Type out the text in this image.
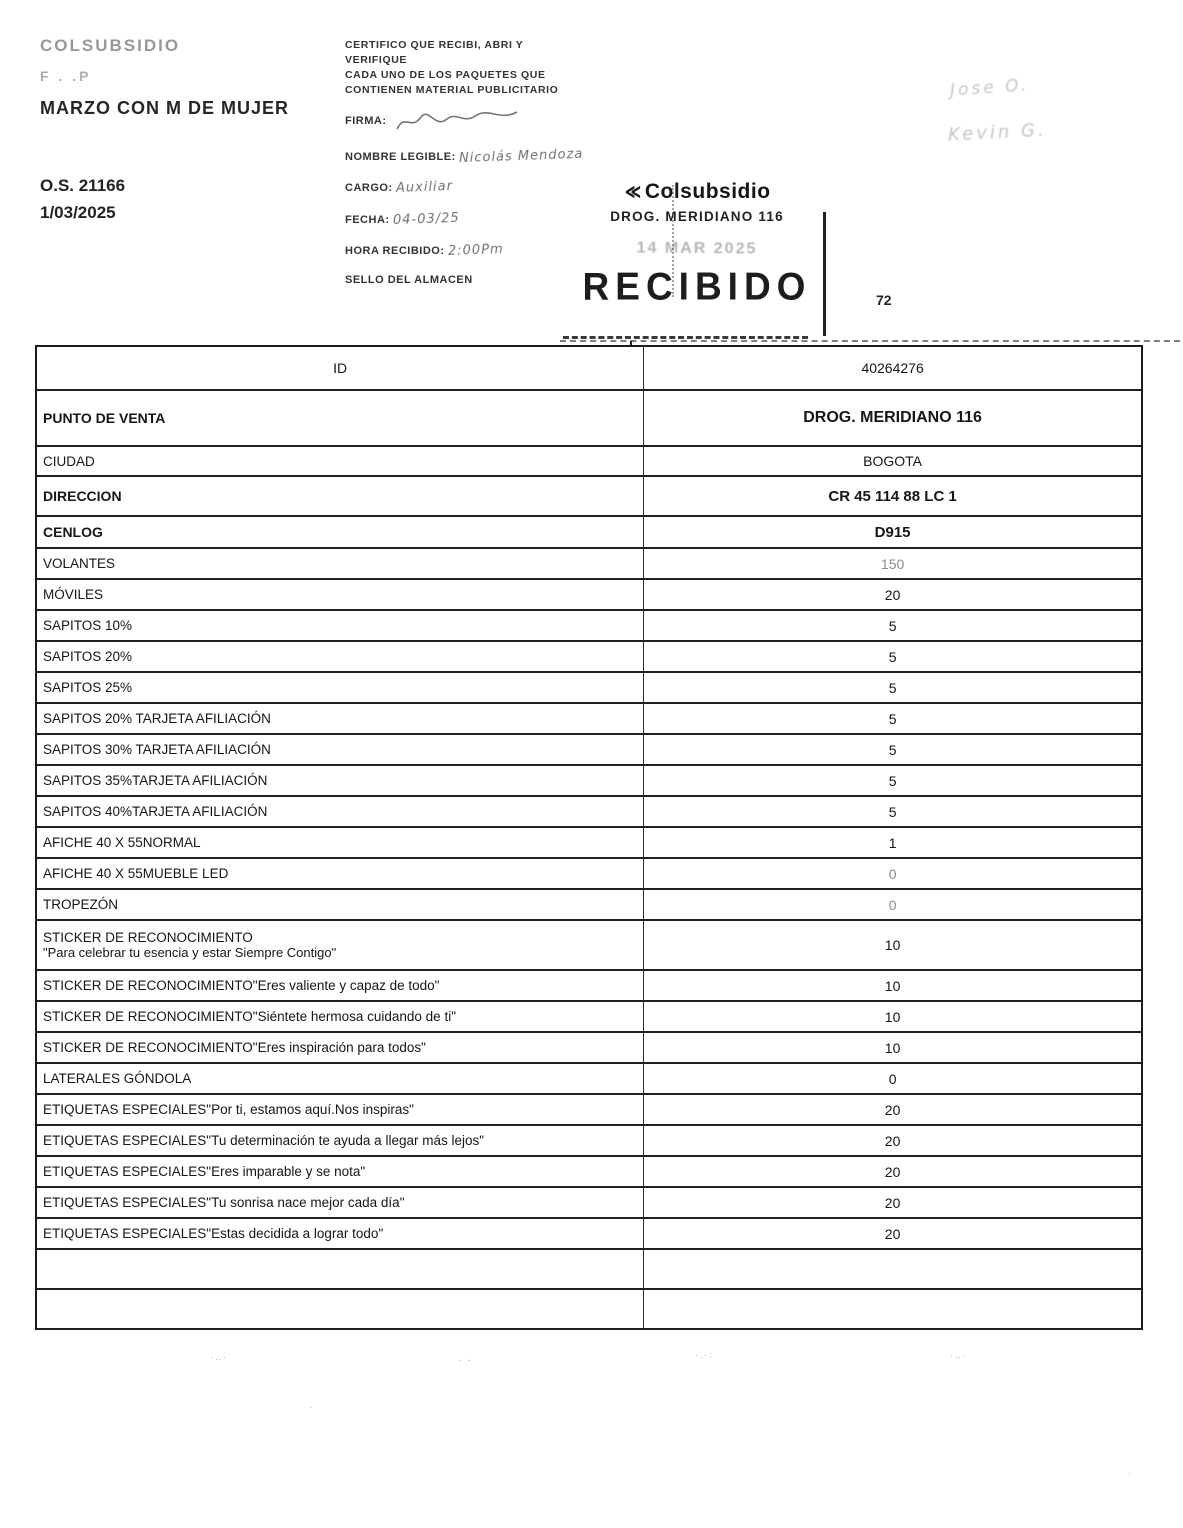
COLSUBSIDIO
F . .P
MARZO CON M DE MUJER
O.S. 21166
1/03/2025
CERTIFICO QUE RECIBI, ABRI Y
VERIFIQUE
CADA UNO DE LOS PAQUETES QUE
CONTIENEN MATERIAL PUBLICITARIO
FIRMA:
NOMBRE LEGIBLE: Nicolás Mendoza
CARGO: Auxiliar
FECHA: 04-03/25
HORA RECIBIDO: 2:00Pm
SELLO DEL ALMACEN
≪ Colsubsidio
DROG. MERIDIANO 116
14 MAR 2025
RECIBIDO	72
Jose O.
Kevin G.
ID	40264276
PUNTO DE VENTA	DROG. MERIDIANO 116
CIUDAD	BOGOTA
DIRECCION	CR 45 114 88 LC 1
CENLOG	D915
VOLANTES	150
MÓVILES	20
SAPITOS 10%	5
SAPITOS 20%	5
SAPITOS 25%	5
SAPITOS 20% TARJETA AFILIACIÓN	5
SAPITOS 30% TARJETA AFILIACIÓN	5
SAPITOS 35%TARJETA AFILIACIÓN	5
SAPITOS 40%TARJETA AFILIACIÓN	5
AFICHE 40 X 55NORMAL	1
AFICHE 40 X 55MUEBLE LED	0
TROPEZÓN	0
STICKER DE RECONOCIMIENTO
"Para celebrar tu esencia y estar Siempre Contigo"	10
STICKER DE RECONOCIMIENTO"Eres valiente y capaz de todo"	10
STICKER DE RECONOCIMIENTO"Siéntete hermosa cuidando de ti"	10
STICKER DE RECONOCIMIENTO"Eres inspiración para todos"	10
LATERALES GÓNDOLA	0
ETIQUETAS ESPECIALES"Por ti, estamos aquí.Nos inspiras"	20
ETIQUETAS ESPECIALES"Tu determinación te ayuda a llegar más lejos"	20
ETIQUETAS ESPECIALES"Eres imparable y se nota"	20
ETIQUETAS ESPECIALES"Tu sonrisa nace mejor cada día"	20
ETIQUETAS ESPECIALES"Estas decidida a lograr todo"	20
·‥·	· -	·.·:	·‥·
.
·
